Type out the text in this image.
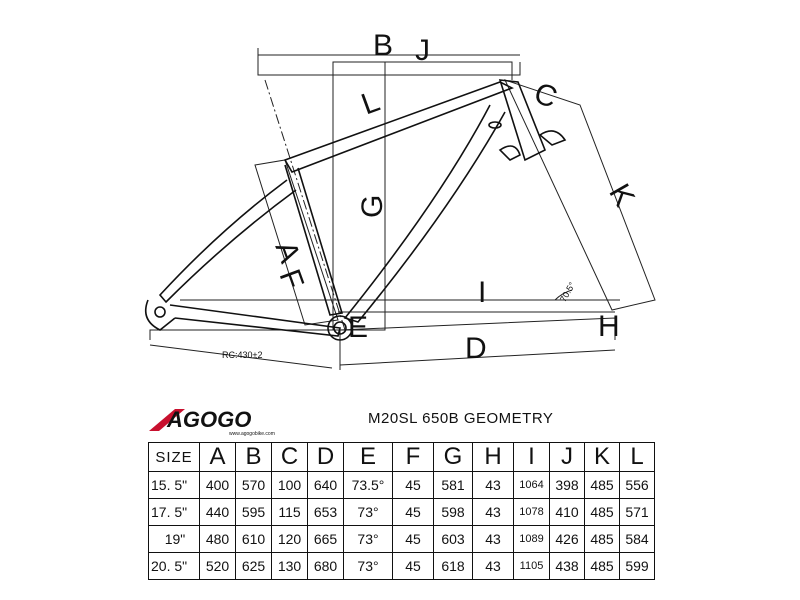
B J
C
L
G	K
A
F	I
E
D
H
70.5°
RC:430±2
AGOGO
www.agogobike.com
M20SL 650B GEOMETRY
SIZE	A	B	C	D	E	F	G	H	I	J	K	L
15. 5"	400	570	100	640	73.5°	45	581	43	1064	398	485	556
17. 5"	440	595	115	653	73°	45	598	43	1078	410	485	571
19"	480	610	120	665	73°	45	603	43	1089	426	485	584
20. 5"	520	625	130	680	73°	45	618	43	1105	438	485	599
